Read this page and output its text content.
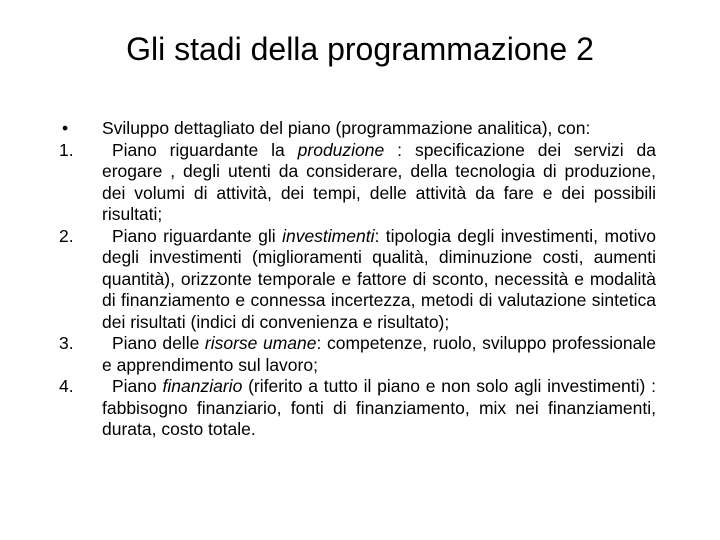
Gli stadi della programmazione 2
•	Sviluppo dettagliato del piano (programmazione analitica), con:
1.	Piano riguardante la produzione : specificazione dei servizi da erogare , degli utenti da considerare, della tecnologia di produzione, dei volumi di attività, dei tempi, delle attività da fare e dei possibili risultati;
2.	Piano riguardante gli investimenti: tipologia degli investimenti, motivo degli investimenti (miglioramenti qualità, diminuzione costi, aumenti quantità), orizzonte temporale e fattore di sconto, necessità e modalità di finanziamento e connessa incertezza, metodi di valutazione sintetica dei risultati (indici di convenienza e risultato);
3.	Piano delle risorse umane: competenze, ruolo, sviluppo professionale e apprendimento sul lavoro;
4.	Piano finanziario (riferito a tutto il piano e non solo agli investimenti) : fabbisogno finanziario, fonti di finanziamento, mix nei finanziamenti, durata, costo totale.
